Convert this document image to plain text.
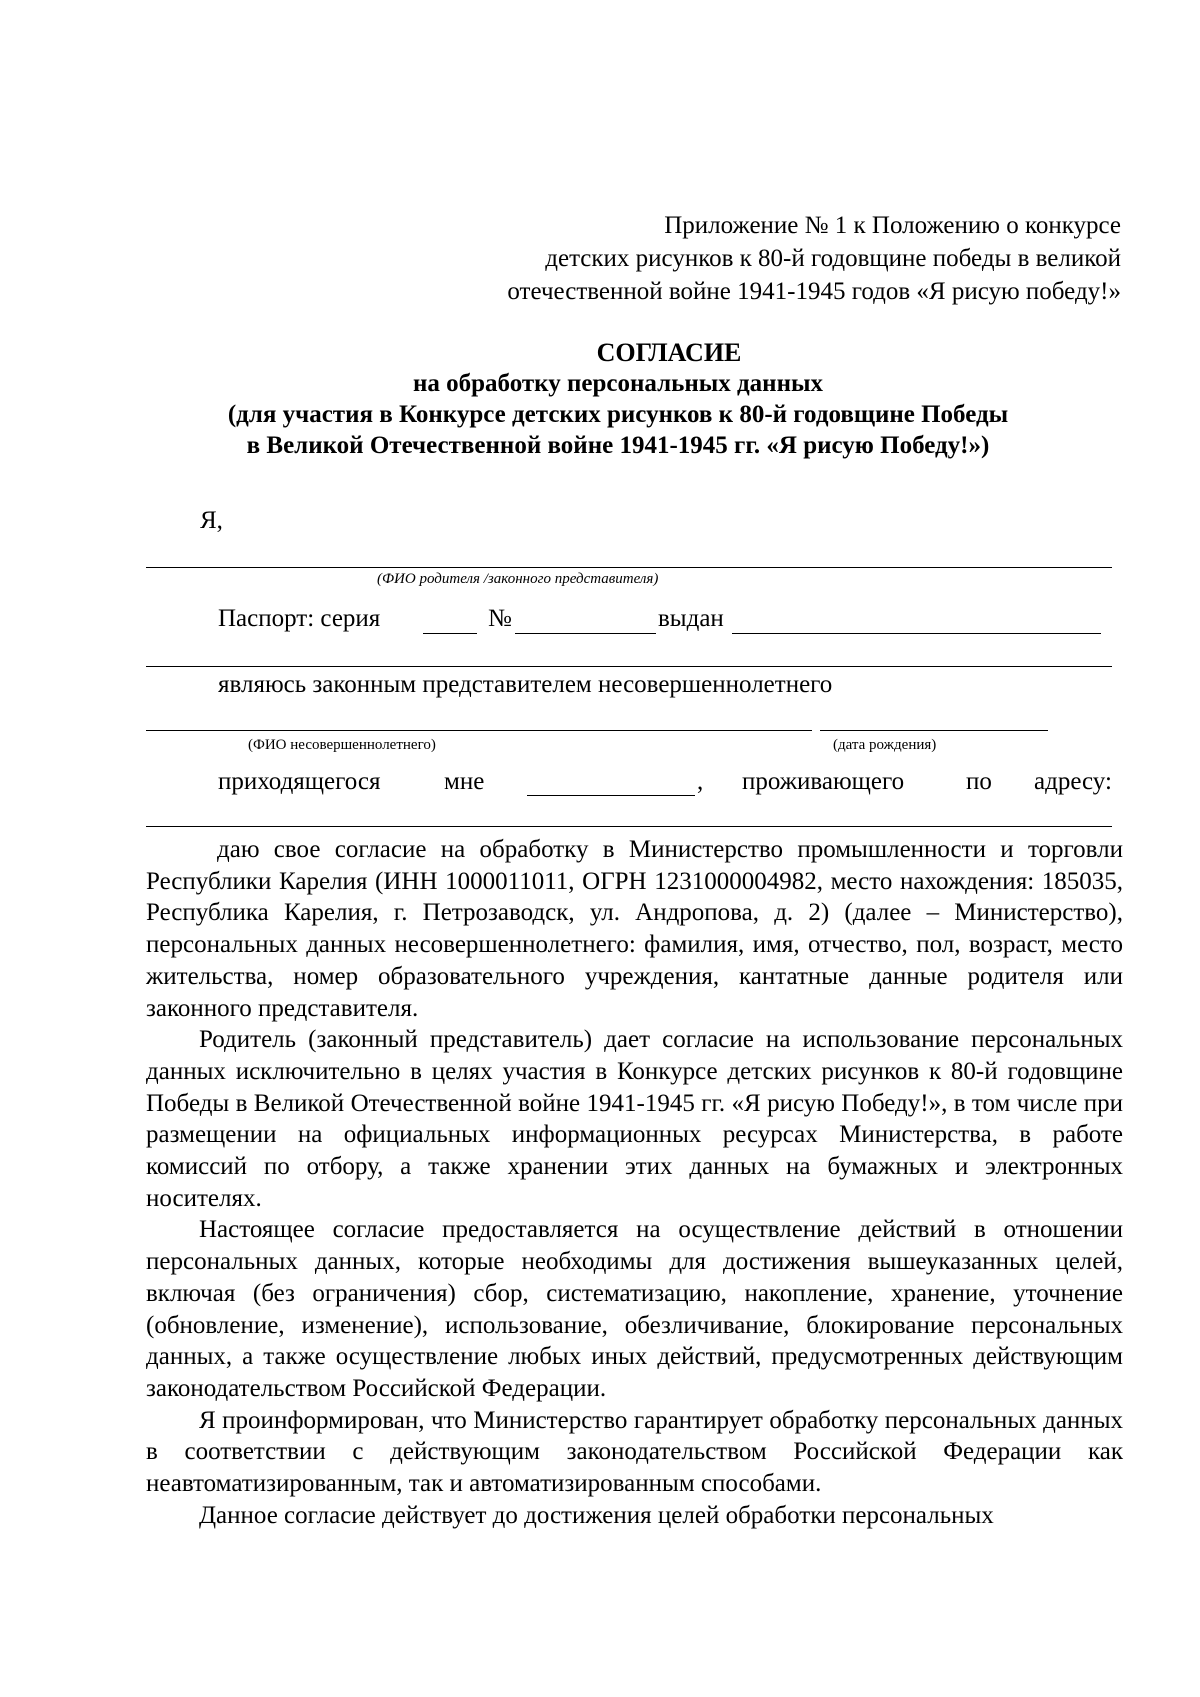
Приложение № 1 к Положению о конкурсе
детских рисунков к 80-й годовщине победы в великой
отечественной войне 1941-1945 годов «Я рисую победу!»
СОГЛАСИЕ
на обработку персональных данных
(для участия в Конкурсе детских рисунков к 80-й годовщине Победы
в Великой Отечественной войне 1941-1945 гг. «Я рисую Победу!»)
Я,
(ФИО родителя /законного представителя)
Паспорт: серия	№	выдан
являюсь законным представителем несовершеннолетнего
(ФИО несовершеннолетнего)	(дата рождения)
приходящегося	мне	, проживающего по адресу:

даю свое согласие на обработку в Министерство промышленности и торговли Республики Карелия (ИНН 1000011011, ОГРН 1231000004982, место нахождения: 185035, Республика Карелия, г. Петрозаводск, ул. Андропова, д. 2) (далее – Министерство), персональных данных несовершеннолетнего: фамилия, имя, отчество, пол, возраст, место жительства, номер образовательного учреждения, кантатные данные родителя или законного представителя.

Родитель (законный представитель) дает согласие на использование персональных данных исключительно в целях участия в Конкурсе детских рисунков к 80-й годовщине Победы в Великой Отечественной войне 1941-1945 гг. «Я рисую Победу!», в том числе при размещении на официальных информационных ресурсах Министерства, в работе комиссий по отбору, а также хранении этих данных на бумажных и электронных носителях.

Настоящее согласие предоставляется на осуществление действий в отношении персональных данных, которые необходимы для достижения вышеуказанных целей, включая (без ограничения) сбор, систематизацию, накопление, хранение, уточнение (обновление, изменение), использование, обезличивание, блокирование персональных данных, а также осуществление любых иных действий, предусмотренных действующим законодательством Российской Федерации.

Я проинформирован, что Министерство гарантирует обработку персональных данных в соответствии с действующим законодательством Российской Федерации как неавтоматизированным, так и автоматизированным способами.

Данное согласие действует до достижения целей обработки персональных
